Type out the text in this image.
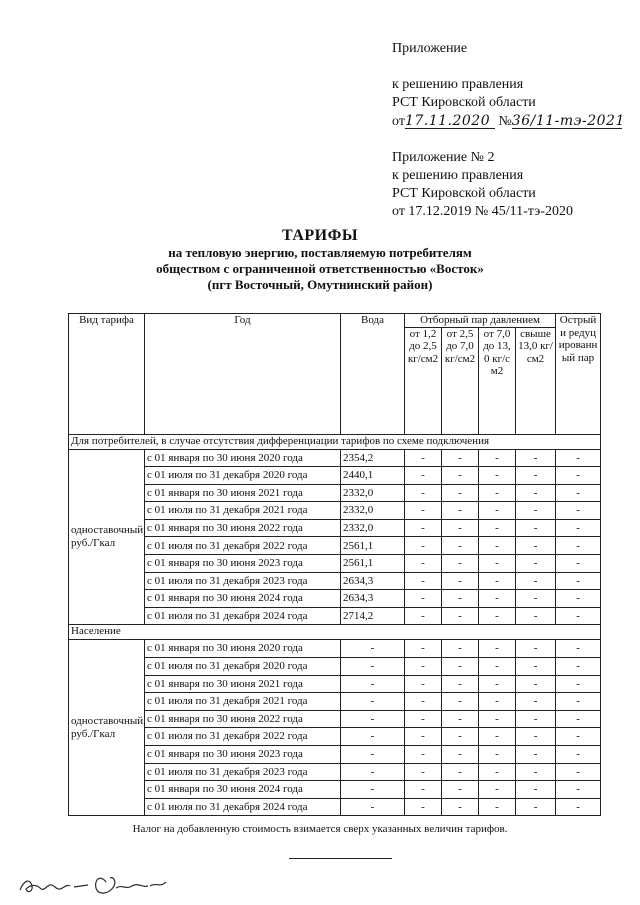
Приложение
к решению правления
РСТ Кировской области
от17.11.2020 №36/11-тэ-2021
Приложение № 2
к решению правления
РСТ Кировской области
от 17.12.2019 № 45/11-тэ-2020
ТАРИФЫ
на тепловую энергию, поставляемую потребителям
обществом с ограниченной ответственностью «Восток»
(пгт Восточный, Омутнинский район)
Вид тарифа	Год	Вода	Отборный пар давлением				Острый и редуцированный пар
			от 1,2 до 2,5 кг/см2	от 2,5 до 7,0 кг/см2	от 7,0 до 13,0 кг/см2	свыше 13,0 кг/см2	
Для потребителей, в случае отсутствия дифференциации тарифов по схеме подключения							
одноставочный, руб./Гкал	с 01 января по 30 июня 2020 года	2354,2	-	-	-	-	-
	с 01 июля по 31 декабря 2020 года	2440,1	-	-	-	-	-
	с 01 января по 30 июня 2021 года	2332,0	-	-	-	-	-
	с 01 июля по 31 декабря 2021 года	2332,0	-	-	-	-	-
	с 01 января по 30 июня 2022 года	2332,0	-	-	-	-	-
	с 01 июля по 31 декабря 2022 года	2561,1	-	-	-	-	-
	с 01 января по 30 июня 2023 года	2561,1	-	-	-	-	-
	с 01 июля по 31 декабря 2023 года	2634,3	-	-	-	-	-
	с 01 января по 30 июня 2024 года	2634,3	-	-	-	-	-
	с 01 июля по 31 декабря 2024 года	2714,2	-	-	-	-	-
Население							
одноставочный, руб./Гкал	с 01 января по 30 июня 2020 года	-	-	-	-	-	-
	с 01 июля по 31 декабря 2020 года	-	-	-	-	-	-
	с 01 января по 30 июня 2021 года	-	-	-	-	-	-
	с 01 июля по 31 декабря 2021 года	-	-	-	-	-	-
	с 01 января по 30 июня 2022 года	-	-	-	-	-	-
	с 01 июля по 31 декабря 2022 года	-	-	-	-	-	-
	с 01 января по 30 июня 2023 года	-	-	-	-	-	-
	с 01 июля по 31 декабря 2023 года	-	-	-	-	-	-
	с 01 января по 30 июня 2024 года	-	-	-	-	-	-
	с 01 июля по 31 декабря 2024 года	-	-	-	-	-	-
Налог на добавленную стоимость взимается сверх указанных величин тарифов.
